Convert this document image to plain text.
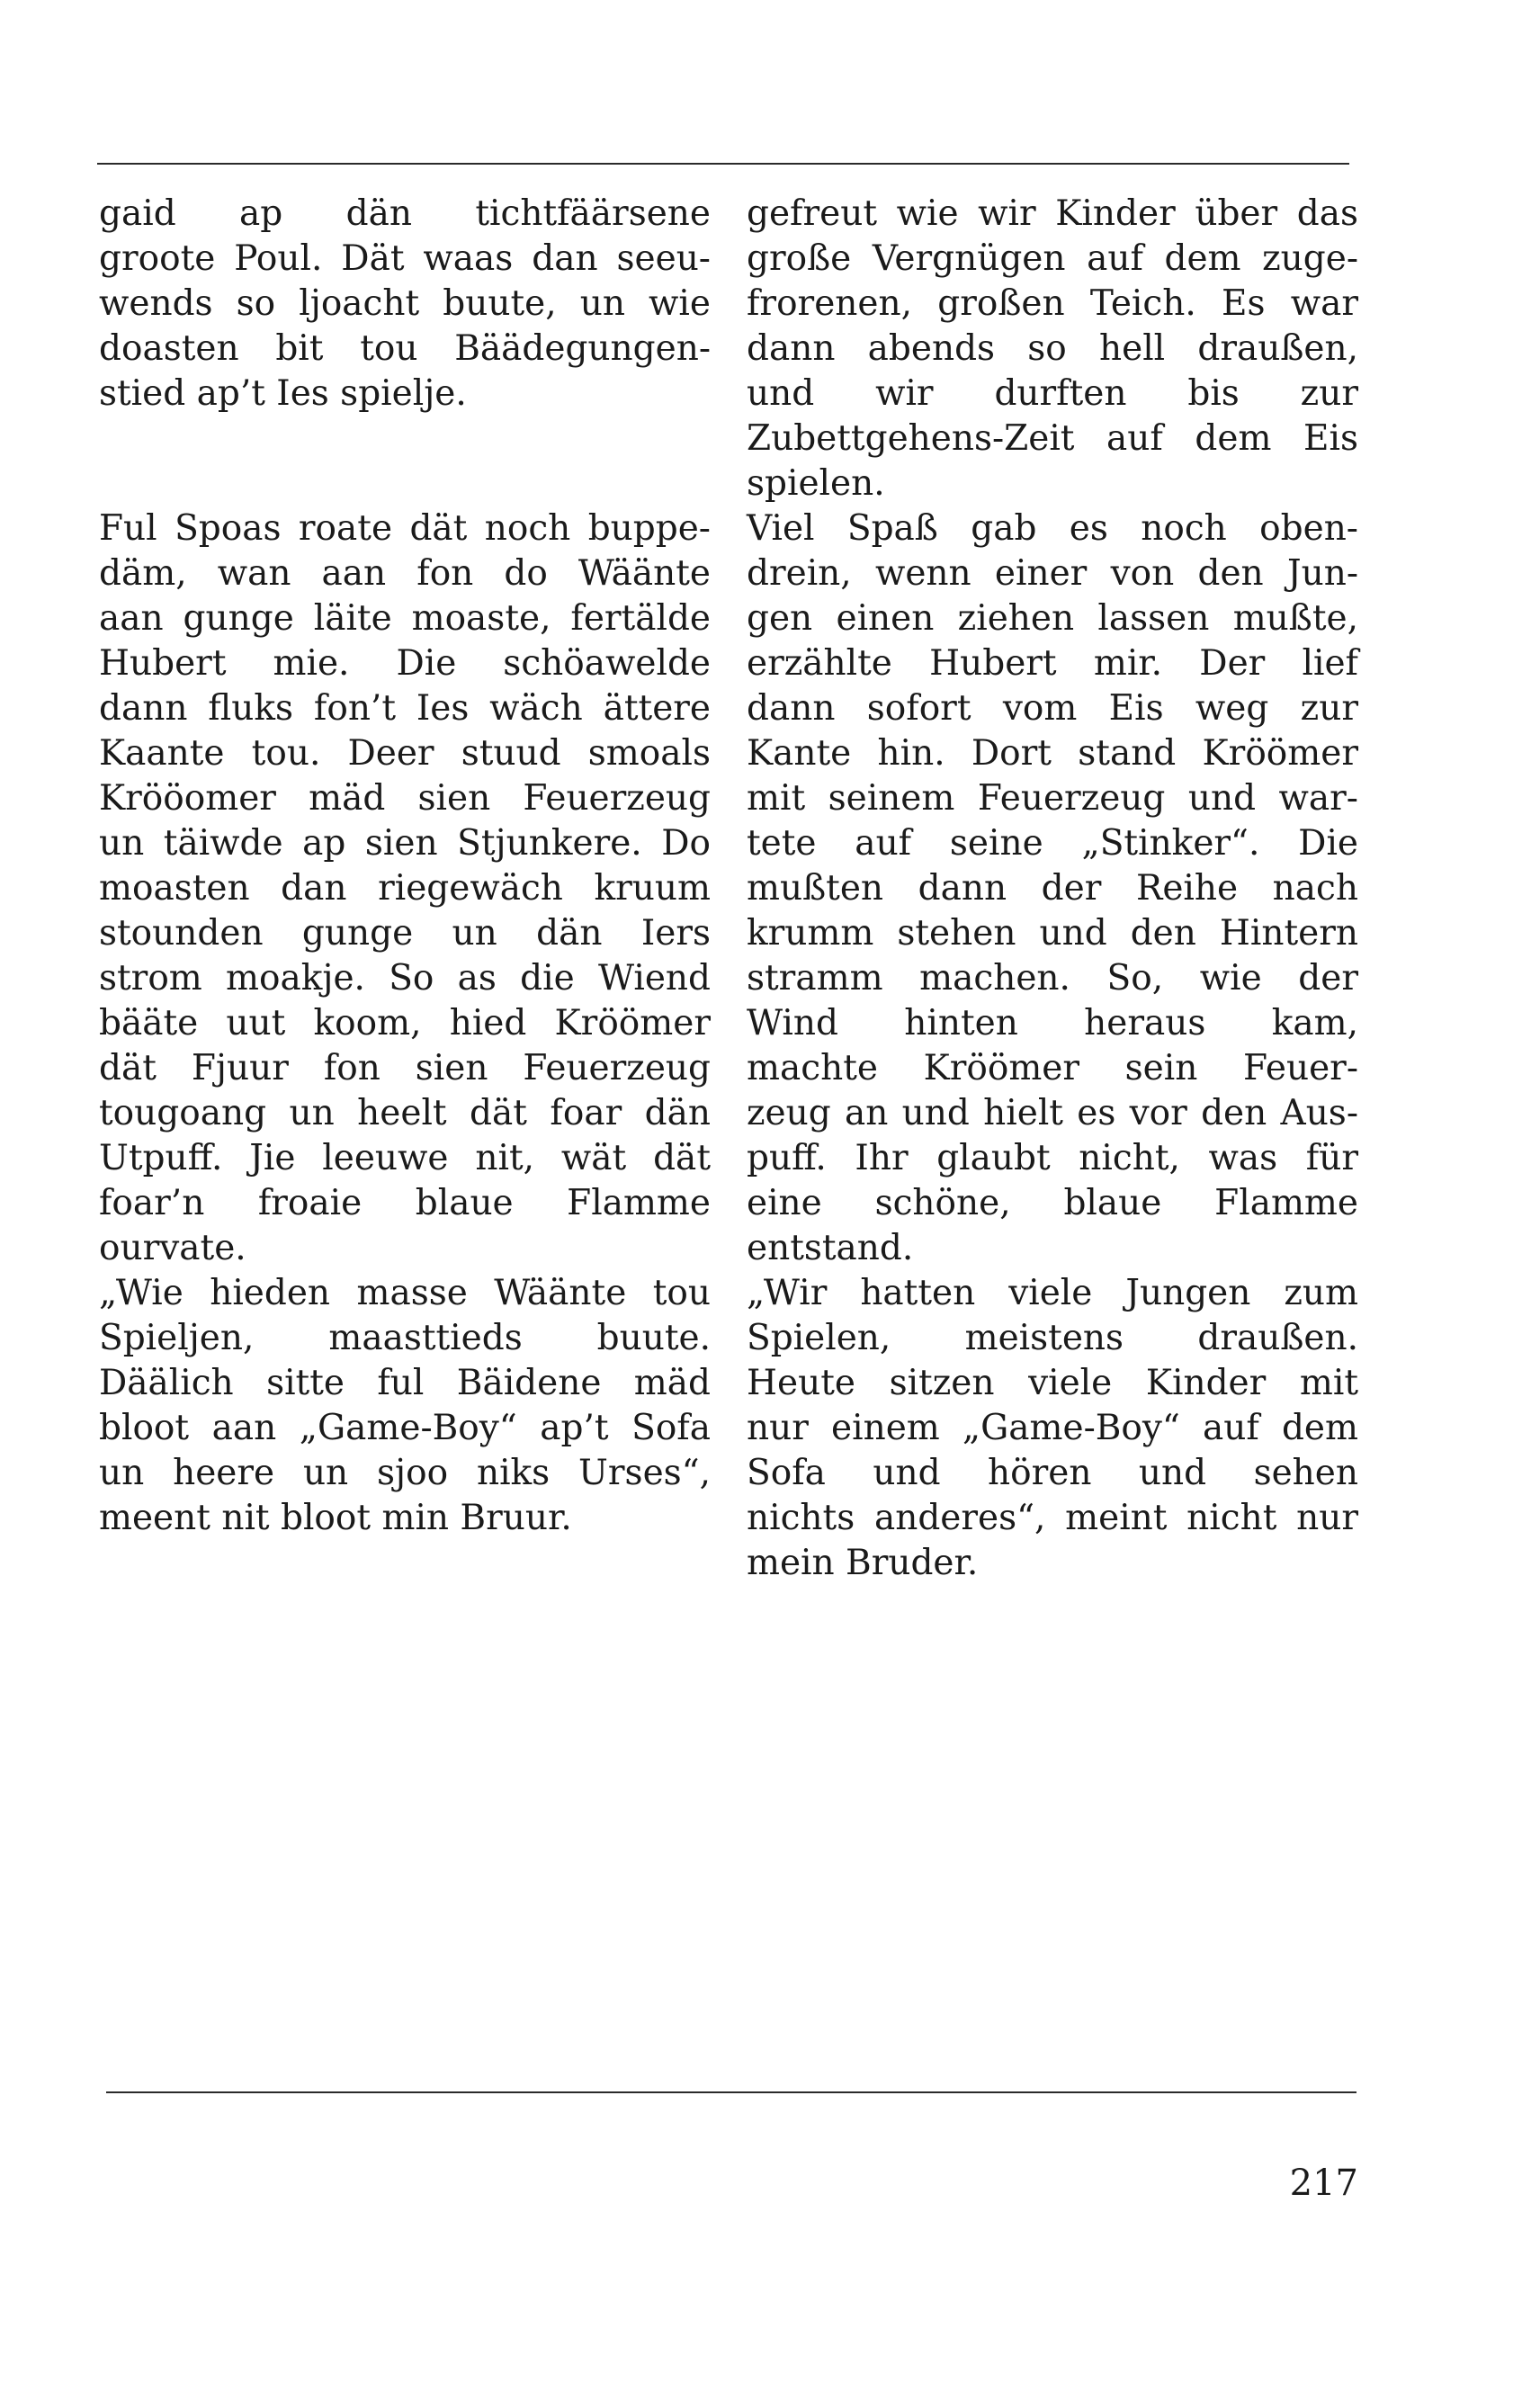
gaid ap dän tichtfäärsene
groote Poul. Dät waas dan seeu-
wends so ljoacht buute, un wie
doasten bit tou Bäädegungen-
stied ap’t Ies spielje.
Ful Spoas roate dät noch buppe-
däm, wan aan fon do Wäänte
aan gunge läite moaste, fertälde
Hubert mie. Die schöawelde
dann fluks fon’t Ies wäch ättere
Kaante tou. Deer stuud smoals
Krööomer mäd sien Feuerzeug
un täiwde ap sien Stjunkere. Do
moasten dan riegewäch kruum
stounden gunge un dän Iers
strom moakje. So as die Wiend
bääte uut koom, hied Kröömer
dät Fjuur fon sien Feuerzeug
tougoang un heelt dät foar dän
Utpuff. Jie leeuwe nit, wät dät
foar’n froaie blaue Flamme
ourvate.
„Wie hieden masse Wäänte tou
Spieljen, maasttieds buute.
Däälich sitte ful Bäidene mäd
bloot aan „Game-Boy“ ap’t Sofa
un heere un sjoo niks Urses“,
meent nit bloot min Bruur.
gefreut wie wir Kinder über das
große Vergnügen auf dem zuge-
frorenen, großen Teich. Es war
dann abends so hell draußen,
und wir durften bis zur
Zubettgehens-Zeit auf dem Eis
spielen.
Viel Spaß gab es noch oben-
drein, wenn einer von den Jun-
gen einen ziehen lassen mußte,
erzählte Hubert mir. Der lief
dann sofort vom Eis weg zur
Kante hin. Dort stand Kröömer
mit seinem Feuerzeug und war-
tete auf seine „Stinker“. Die
mußten dann der Reihe nach
krumm stehen und den Hintern
stramm machen. So, wie der
Wind hinten heraus kam,
machte Kröömer sein Feuer-
zeug an und hielt es vor den Aus-
puff. Ihr glaubt nicht, was für
eine schöne, blaue Flamme
entstand.
„Wir hatten viele Jungen zum
Spielen, meistens draußen.
Heute sitzen viele Kinder mit
nur einem „Game-Boy“ auf dem
Sofa und hören und sehen
nichts anderes“, meint nicht nur
mein Bruder.
217
